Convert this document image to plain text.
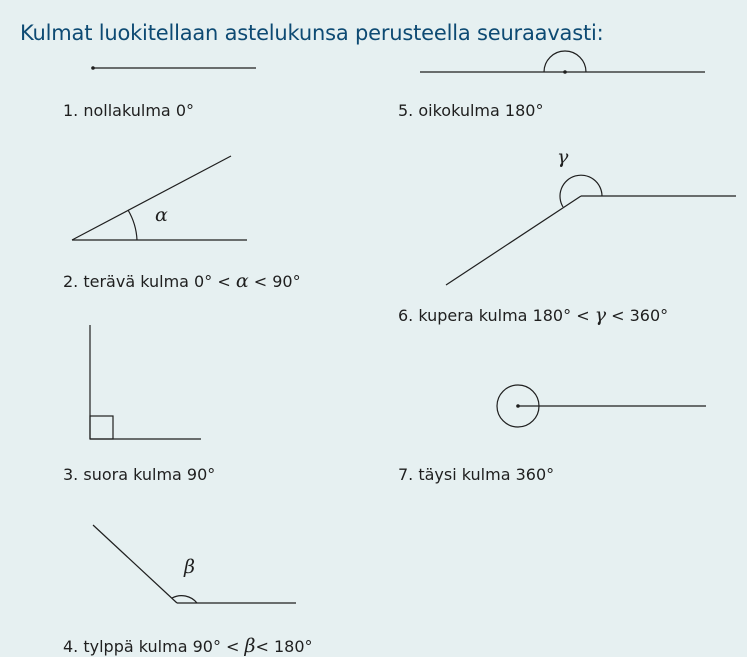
Kulmat luokitellaan astelukunsa perusteella seuraavasti:
α
β
γ
1. nollakulma 0°
2. terävä kulma 0° < α < 90°
3. suora kulma 90°
4. tylppä kulma 90° < β< 180°
5. oikokulma 180°
6. kupera kulma 180° < γ < 360°
7. täysi kulma 360°
